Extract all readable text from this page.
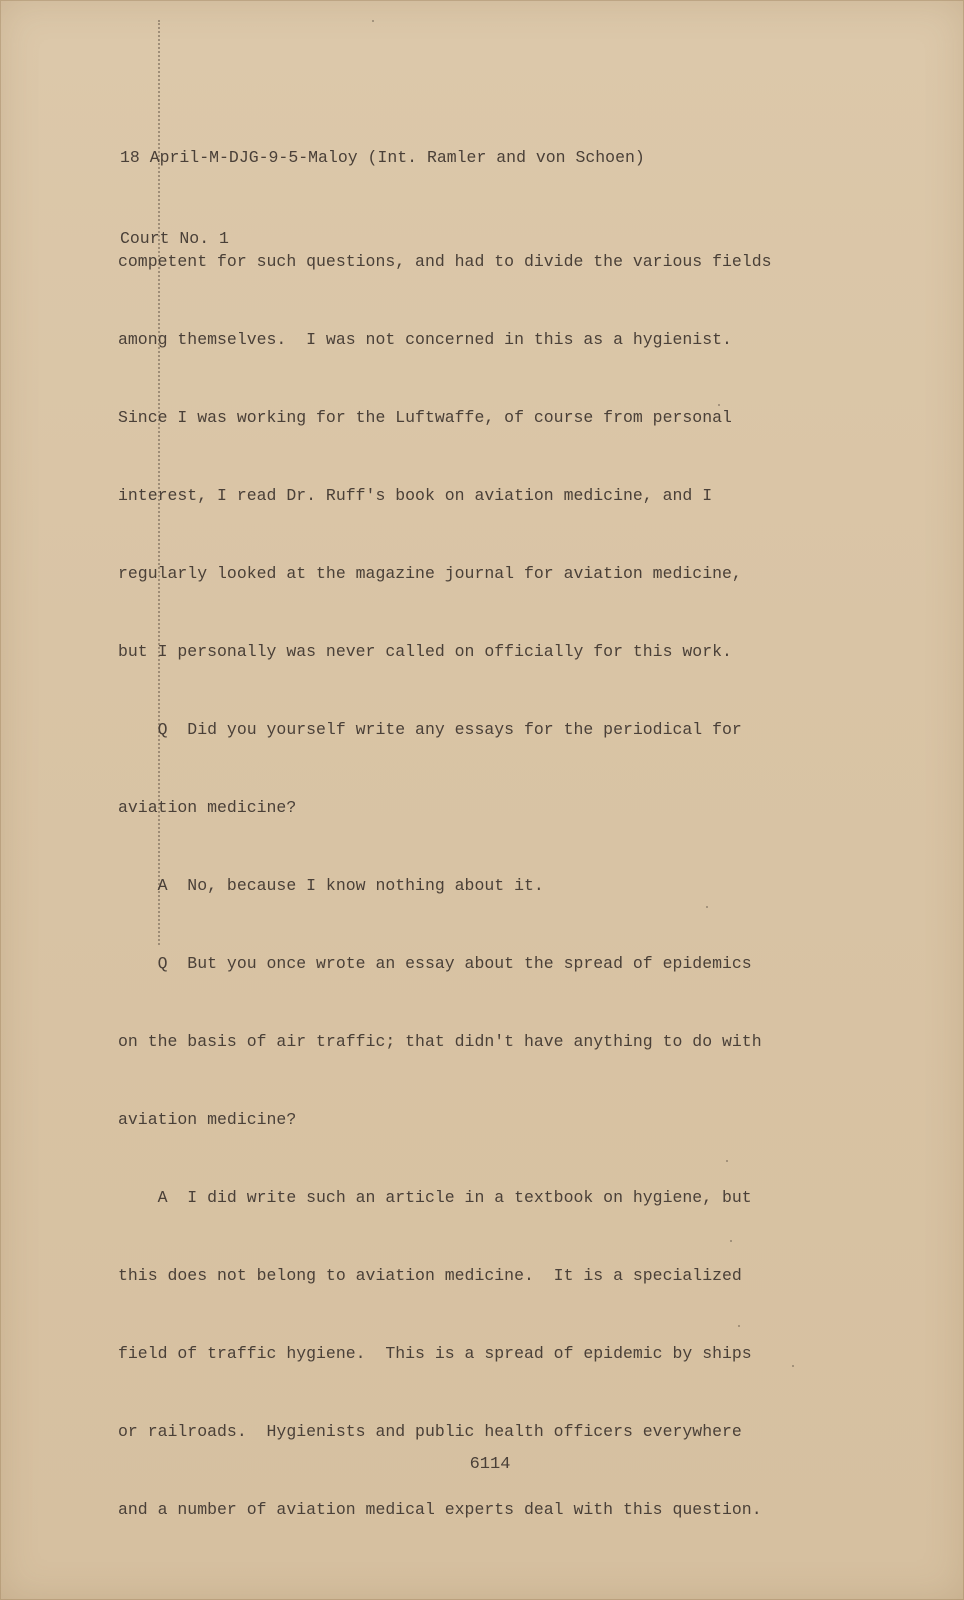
18 April-M-DJG-9-5-Maloy (Int. Ramler and von Schoen)

Court No. 1

competent for such questions, and had to divide the various fields

among themselves.  I was not concerned in this as a hygienist.

Since I was working for the Luftwaffe, of course from personal

interest, I read Dr. Ruff's book on aviation medicine, and I

regularly looked at the magazine journal for aviation medicine,

but I personally was never called on officially for this work.

Q  Did you yourself write any essays for the periodical for

aviation medicine?

A  No, because I know nothing about it.

Q  But you once wrote an essay about the spread of epidemics

on the basis of air traffic; that didn't have anything to do with

aviation medicine?

A  I did write such an article in a textbook on hygiene, but

this does not belong to aviation medicine.  It is a specialized

field of traffic hygiene.  This is a spread of epidemic by ships

or railroads.  Hygienists and public health officers everywhere

and a number of aviation medical experts deal with this question.

6114
